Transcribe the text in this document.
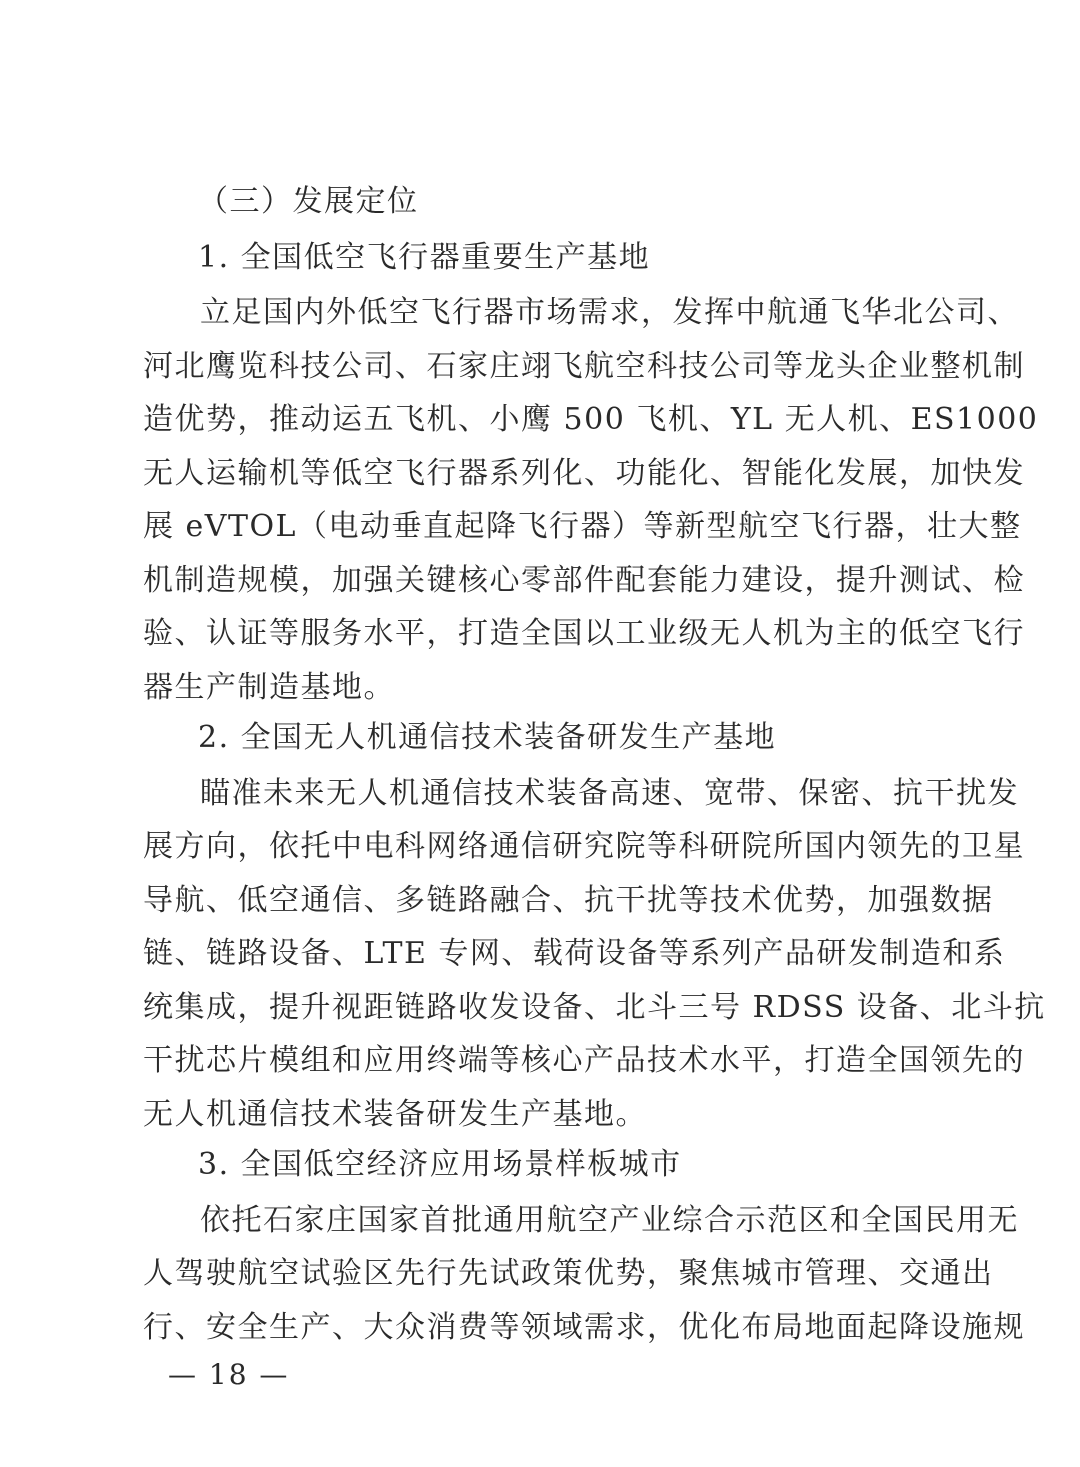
（三）发展定位
1. 全国低空飞行器重要生产基地
立足国内外低空飞行器市场需求，发挥中航通飞华北公司、
河北鹰览科技公司、石家庄翊飞航空科技公司等龙头企业整机制
造优势，推动运五飞机、小鹰 500 飞机、YL 无人机、ES1000
无人运输机等低空飞行器系列化、功能化、智能化发展，加快发
展 eVTOL（电动垂直起降飞行器）等新型航空飞行器，壮大整
机制造规模，加强关键核心零部件配套能力建设，提升测试、检
验、认证等服务水平，打造全国以工业级无人机为主的低空飞行
器生产制造基地。
2. 全国无人机通信技术装备研发生产基地
瞄准未来无人机通信技术装备高速、宽带、保密、抗干扰发
展方向，依托中电科网络通信研究院等科研院所国内领先的卫星
导航、低空通信、多链路融合、抗干扰等技术优势，加强数据
链、链路设备、LTE 专网、载荷设备等系列产品研发制造和系
统集成，提升视距链路收发设备、北斗三号 RDSS 设备、北斗抗
干扰芯片模组和应用终端等核心产品技术水平，打造全国领先的
无人机通信技术装备研发生产基地。
3. 全国低空经济应用场景样板城市
依托石家庄国家首批通用航空产业综合示范区和全国民用无
人驾驶航空试验区先行先试政策优势，聚焦城市管理、交通出
行、安全生产、大众消费等领域需求，优化布局地面起降设施规
— 18 —
